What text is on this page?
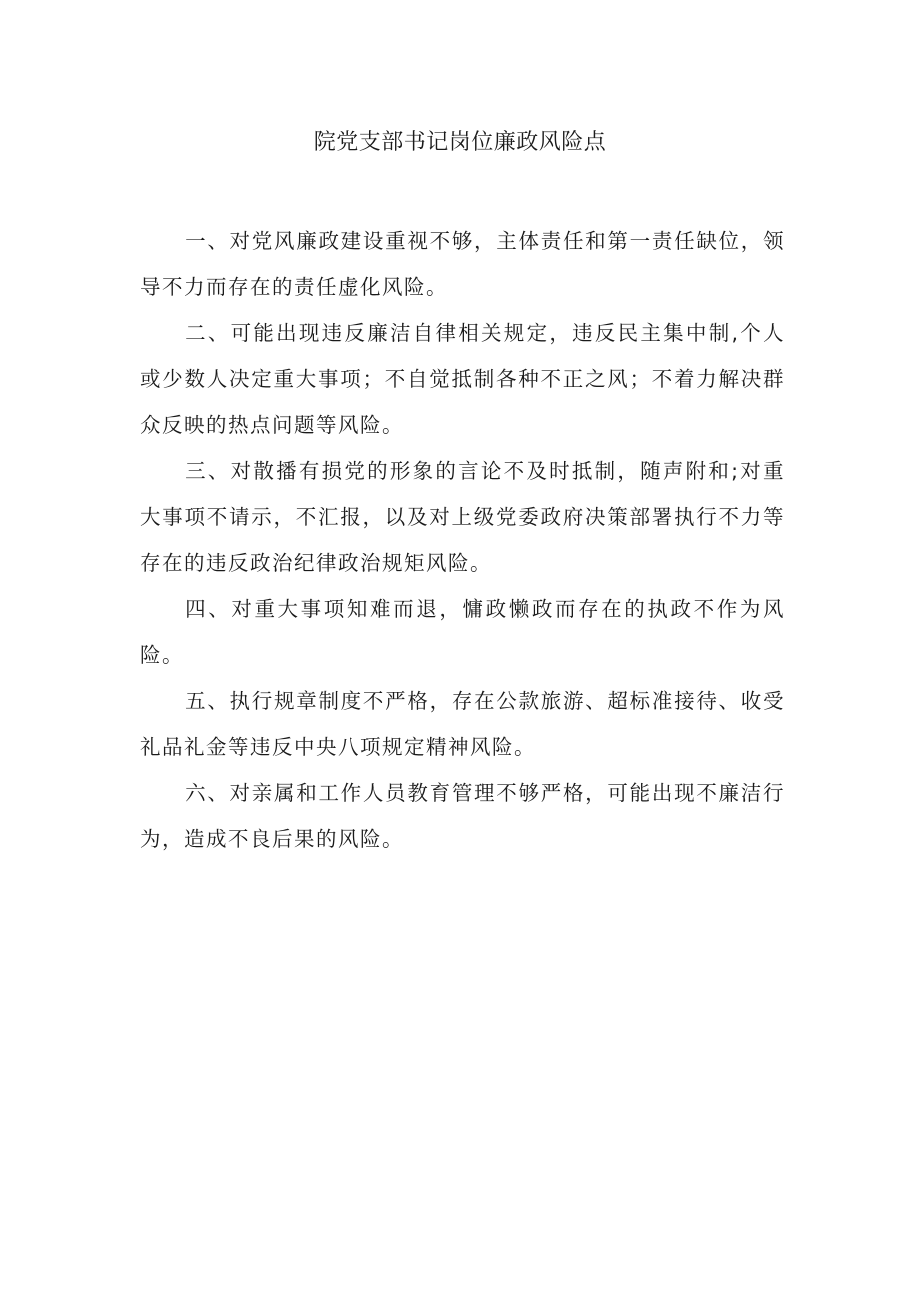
院党支部书记岗位廉政风险点

一、对党风廉政建设重视不够，主体责任和第一责任缺位，领导不力而存在的责任虚化风险。

二、可能出现违反廉洁自律相关规定，违反民主集中制,个人或少数人决定重大事项；不自觉抵制各种不正之风；不着力解决群众反映的热点问题等风险。

三、对散播有损党的形象的言论不及时抵制，随声附和;对重大事项不请示，不汇报，以及对上级党委政府决策部署执行不力等存在的违反政治纪律政治规矩风险。

四、对重大事项知难而退，慵政懒政而存在的执政不作为风险。

五、执行规章制度不严格，存在公款旅游、超标准接待、收受礼品礼金等违反中央八项规定精神风险。

六、对亲属和工作人员教育管理不够严格，可能出现不廉洁行为，造成不良后果的风险。
